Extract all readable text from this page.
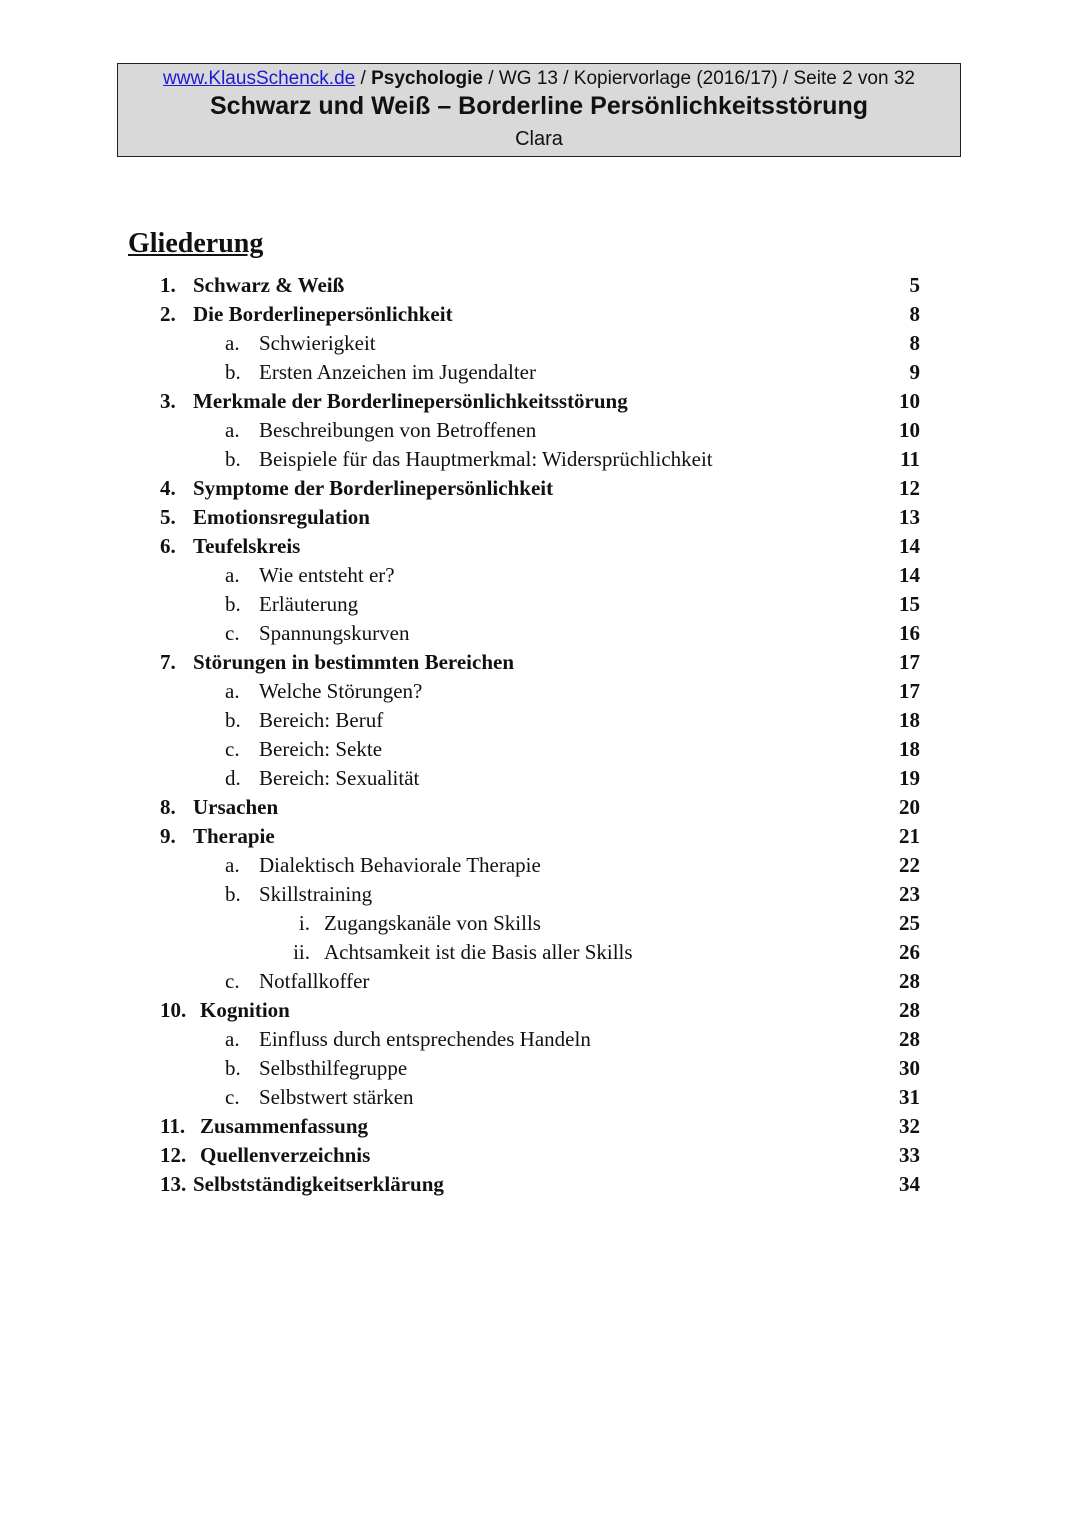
www.KlausSchenck.de / Psychologie / WG 13 / Kopiervorlage (2016/17) / Seite 2 von 32
Schwarz und Weiß – Borderline Persönlichkeitsstörung
Clara
Gliederung
1. Schwarz & Weiß	5
2. Die Borderlinepersönlichkeit	8
a. Schwierigkeit	8
b. Ersten Anzeichen im Jugendalter	9
3. Merkmale der Borderlinepersönlichkeitsstörung	10
a. Beschreibungen von Betroffenen	10
b. Beispiele für das Hauptmerkmal: Widersprüchlichkeit	11
4. Symptome der Borderlinepersönlichkeit	12
5. Emotionsregulation	13
6. Teufelskreis	14
a. Wie entsteht er?	14
b. Erläuterung	15
c. Spannungskurven	16
7. Störungen in bestimmten Bereichen	17
a. Welche Störungen?	17
b. Bereich: Beruf	18
c. Bereich: Sekte	18
d. Bereich: Sexualität	19
8. Ursachen	20
9. Therapie	21
a. Dialektisch Behaviorale Therapie	22
b. Skillstraining	23
i. Zugangskanäle von Skills	25
ii. Achtsamkeit ist die Basis aller Skills	26
c. Notfallkoffer	28
10. Kognition	28
a. Einfluss durch entsprechendes Handeln	28
b. Selbsthilfegruppe	30
c. Selbstwert stärken	31
11. Zusammenfassung	32
12. Quellenverzeichnis	33
13. Selbstständigkeitserklärung	34
